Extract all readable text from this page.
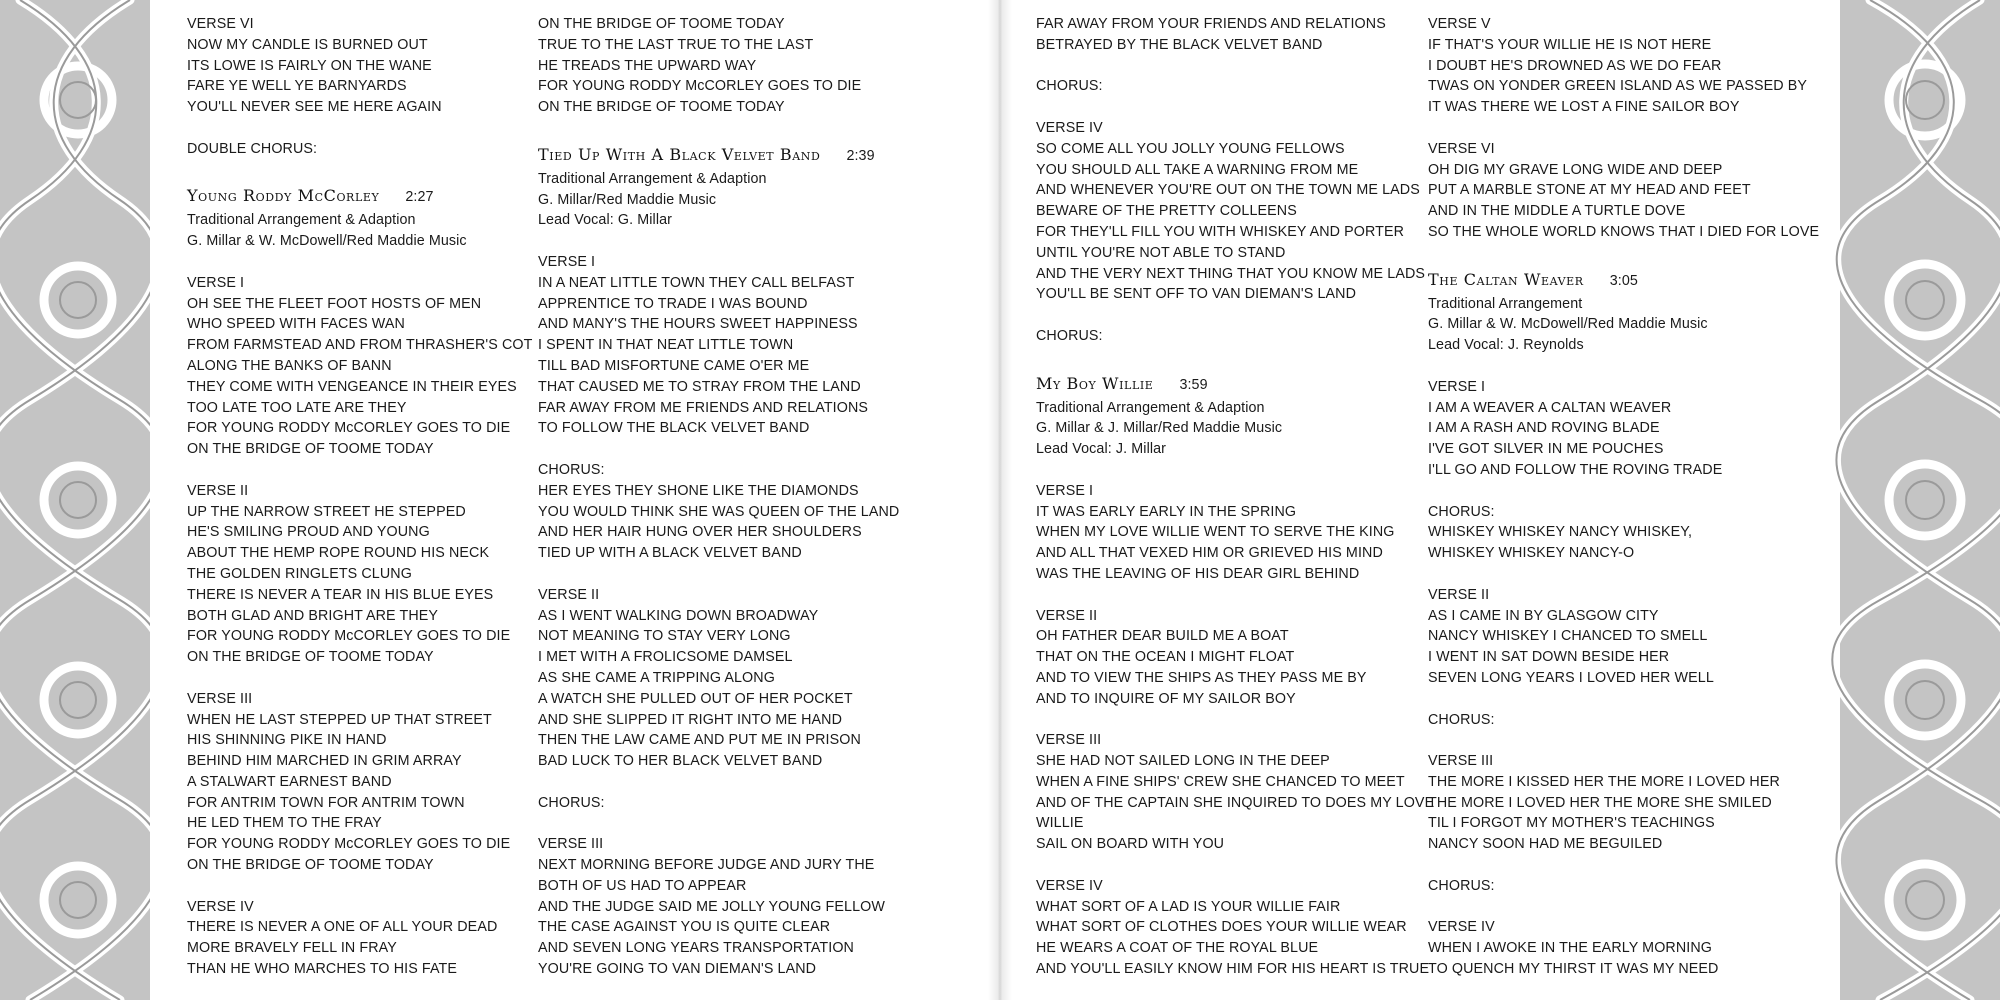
VERSE VI
NOW MY CANDLE IS BURNED OUT
ITS LOWE IS FAIRLY ON THE WANE
FARE YE WELL YE BARNYARDS
YOU'LL NEVER SEE ME HERE AGAIN
DOUBLE CHORUS:
Young Roddy McCorley 2:27
Traditional Arrangement & Adaption
G. Millar & W. McDowell/Red Maddie Music
VERSE I
OH SEE THE FLEET FOOT HOSTS OF MEN
WHO SPEED WITH FACES WAN
FROM FARMSTEAD AND FROM THRASHER'S COT
ALONG THE BANKS OF BANN
THEY COME WITH VENGEANCE IN THEIR EYES
TOO LATE TOO LATE ARE THEY
FOR YOUNG RODDY McCORLEY GOES TO DIE
ON THE BRIDGE OF TOOME TODAY
VERSE II
UP THE NARROW STREET HE STEPPED
HE'S SMILING PROUD AND YOUNG
ABOUT THE HEMP ROPE ROUND HIS NECK
THE GOLDEN RINGLETS CLUNG
THERE IS NEVER A TEAR IN HIS BLUE EYES
BOTH GLAD AND BRIGHT ARE THEY
FOR YOUNG RODDY McCORLEY GOES TO DIE
ON THE BRIDGE OF TOOME TODAY
VERSE III
WHEN HE LAST STEPPED UP THAT STREET
HIS SHINNING PIKE IN HAND
BEHIND HIM MARCHED IN GRIM ARRAY
A STALWART EARNEST BAND
FOR ANTRIM TOWN FOR ANTRIM TOWN
HE LED THEM TO THE FRAY
FOR YOUNG RODDY McCORLEY GOES TO DIE
ON THE BRIDGE OF TOOME TODAY
VERSE IV
THERE IS NEVER A ONE OF ALL YOUR DEAD
MORE BRAVELY FELL IN FRAY
THAN HE WHO MARCHES TO HIS FATE
ON THE BRIDGE OF TOOME TODAY
TRUE TO THE LAST TRUE TO THE LAST
HE TREADS THE UPWARD WAY
FOR YOUNG RODDY McCORLEY GOES TO DIE
ON THE BRIDGE OF TOOME TODAY
Tied Up With A Black Velvet Band 2:39
Traditional Arrangement & Adaption
G. Millar/Red Maddie Music
Lead Vocal: G. Millar
VERSE I
IN A NEAT LITTLE TOWN THEY CALL BELFAST
APPRENTICE TO TRADE I WAS BOUND
AND MANY'S THE HOURS SWEET HAPPINESS
I SPENT IN THAT NEAT LITTLE TOWN
TILL BAD MISFORTUNE CAME O'ER ME
THAT CAUSED ME TO STRAY FROM THE LAND
FAR AWAY FROM ME FRIENDS AND RELATIONS
TO FOLLOW THE BLACK VELVET BAND
CHORUS:
HER EYES THEY SHONE LIKE THE DIAMONDS
YOU WOULD THINK SHE WAS QUEEN OF THE LAND
AND HER HAIR HUNG OVER HER SHOULDERS
TIED UP WITH A BLACK VELVET BAND
VERSE II
AS I WENT WALKING DOWN BROADWAY
NOT MEANING TO STAY VERY LONG
I MET WITH A FROLICSOME DAMSEL
AS SHE CAME A TRIPPING ALONG
A WATCH SHE PULLED OUT OF HER POCKET
AND SHE SLIPPED IT RIGHT INTO ME HAND
THEN THE LAW CAME AND PUT ME IN PRISON
BAD LUCK TO HER BLACK VELVET BAND
CHORUS:
VERSE III
NEXT MORNING BEFORE JUDGE AND JURY THE
BOTH OF US HAD TO APPEAR
AND THE JUDGE SAID ME JOLLY YOUNG FELLOW
THE CASE AGAINST YOU IS QUITE CLEAR
AND SEVEN LONG YEARS TRANSPORTATION
YOU'RE GOING TO VAN DIEMAN'S LAND
FAR AWAY FROM YOUR FRIENDS AND RELATIONS
BETRAYED BY THE BLACK VELVET BAND
CHORUS:
VERSE IV
SO COME ALL YOU JOLLY YOUNG FELLOWS
YOU SHOULD ALL TAKE A WARNING FROM ME
AND WHENEVER YOU'RE OUT ON THE TOWN ME LADS
BEWARE OF THE PRETTY COLLEENS
FOR THEY'LL FILL YOU WITH WHISKEY AND PORTER
UNTIL YOU'RE NOT ABLE TO STAND
AND THE VERY NEXT THING THAT YOU KNOW ME LADS
YOU'LL BE SENT OFF TO VAN DIEMAN'S LAND
CHORUS:
My Boy Willie 3:59
Traditional Arrangement & Adaption
G. Millar & J. Millar/Red Maddie Music
Lead Vocal: J. Millar
VERSE I
IT WAS EARLY EARLY IN THE SPRING
WHEN MY LOVE WILLIE WENT TO SERVE THE KING
AND ALL THAT VEXED HIM OR GRIEVED HIS MIND
WAS THE LEAVING OF HIS DEAR GIRL BEHIND
VERSE II
OH FATHER DEAR BUILD ME A BOAT
THAT ON THE OCEAN I MIGHT FLOAT
AND TO VIEW THE SHIPS AS THEY PASS ME BY
AND TO INQUIRE OF MY SAILOR BOY
VERSE III
SHE HAD NOT SAILED LONG IN THE DEEP
WHEN A FINE SHIPS' CREW SHE CHANCED TO MEET
AND OF THE CAPTAIN SHE INQUIRED TO DOES MY LOVE
WILLIE
SAIL ON BOARD WITH YOU
VERSE IV
WHAT SORT OF A LAD IS YOUR WILLIE FAIR
WHAT SORT OF CLOTHES DOES YOUR WILLIE WEAR
HE WEARS A COAT OF THE ROYAL BLUE
AND YOU'LL EASILY KNOW HIM FOR HIS HEART IS TRUE
VERSE V
IF THAT'S YOUR WILLIE HE IS NOT HERE
I DOUBT HE'S DROWNED AS WE DO FEAR
TWAS ON YONDER GREEN ISLAND AS WE PASSED BY
IT WAS THERE WE LOST A FINE SAILOR BOY
VERSE VI
OH DIG MY GRAVE LONG WIDE AND DEEP
PUT A MARBLE STONE AT MY HEAD AND FEET
AND IN THE MIDDLE A TURTLE DOVE
SO THE WHOLE WORLD KNOWS THAT I DIED FOR LOVE
The Caltan Weaver 3:05
Traditional Arrangement
G. Millar & W. McDowell/Red Maddie Music
Lead Vocal: J. Reynolds
VERSE I
I AM A WEAVER A CALTAN WEAVER
I AM A RASH AND ROVING BLADE
I'VE GOT SILVER IN ME POUCHES
I'LL GO AND FOLLOW THE ROVING TRADE
CHORUS:
WHISKEY WHISKEY NANCY WHISKEY,
WHISKEY WHISKEY NANCY-O
VERSE II
AS I CAME IN BY GLASGOW CITY
NANCY WHISKEY I CHANCED TO SMELL
I WENT IN SAT DOWN BESIDE HER
SEVEN LONG YEARS I LOVED HER WELL
CHORUS:
VERSE III
THE MORE I KISSED HER THE MORE I LOVED HER
THE MORE I LOVED HER THE MORE SHE SMILED
TIL I FORGOT MY MOTHER'S TEACHINGS
NANCY SOON HAD ME BEGUILED
CHORUS:
VERSE IV
WHEN I AWOKE IN THE EARLY MORNING
TO QUENCH MY THIRST IT WAS MY NEED
